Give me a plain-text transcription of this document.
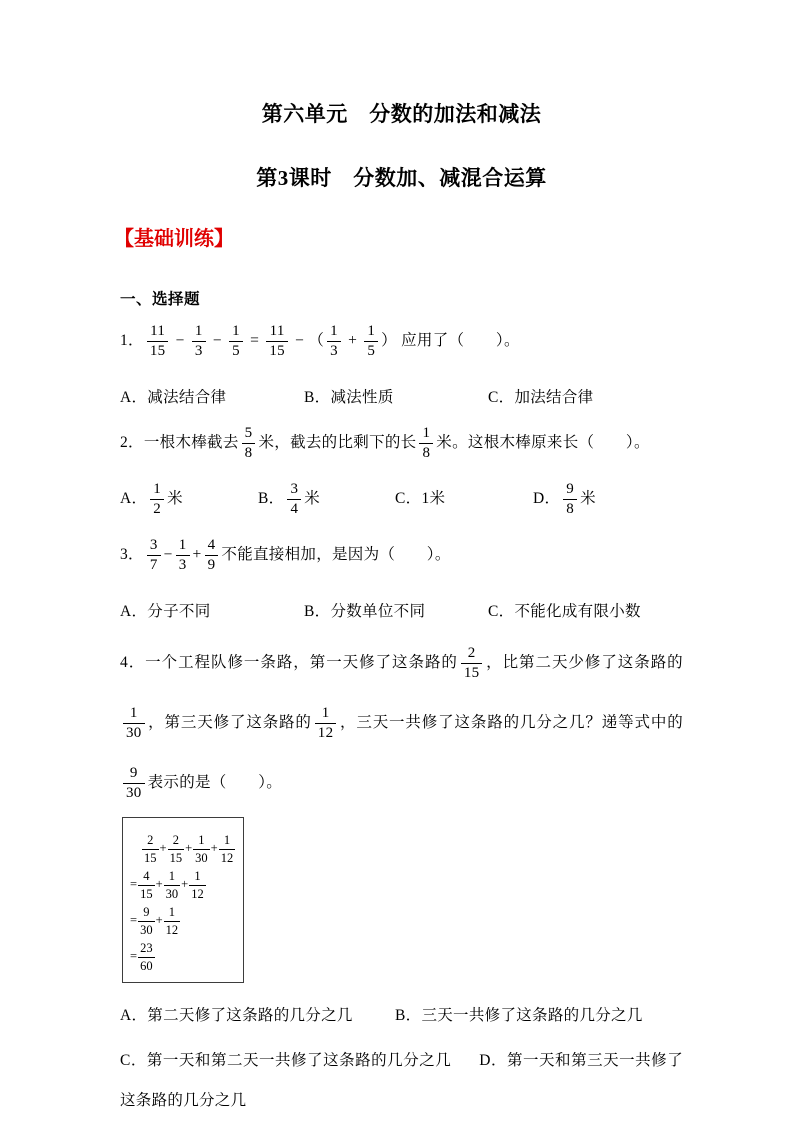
第六单元　分数的加法和减法
第3课时　分数加、减混合运算
【基础训练】
一、选择题
1． $\frac{11}{15} - \frac{1}{3} - \frac{1}{5} = \frac{11}{15}$ − （ $\frac{1}{3} + \frac{1}{5}$ ） 应用了（　　）。
A．减法结合律	B．减法性质	C．加法结合律
2．一根木棒截去 $\frac{5}{8}$ 米，截去的比剩下的长 $\frac{1}{8}$ 米。这根木棒原来长（　　）。
A． $\frac{1}{2}$ 米	B． $\frac{3}{4}$ 米	C．1米	D． $\frac{9}{8}$ 米
3． $\frac{3}{7} - \frac{1}{3} + \frac{4}{9}$ 不能直接相加，是因为（　　）。
A．分子不同	B．分数单位不同	C．不能化成有限小数
4．一个工程队修一条路，第一天修了这条路的 $\frac{2}{15}$ ，比第二天少修了这条路的
$\frac{1}{30}$ ，第三天修了这条路的 $\frac{1}{12}$ ，三天一共修了这条路的几分之几？递等式中的
$\frac{9}{30}$ 表示的是（　　）。
$\frac{2}{15} + \frac{2}{15} + \frac{1}{30} + \frac{1}{12}$
= $\frac{4}{15} + \frac{1}{30} + \frac{1}{12}$
= $\frac{9}{30} + \frac{1}{12}$
= $\frac{23}{60}$
A．第二天修了这条路的几分之几	B．三天一共修了这条路的几分之几
C．第一天和第二天一共修了这条路的几分之几 D．第一天和第三天一共修了这条路的几分之几
